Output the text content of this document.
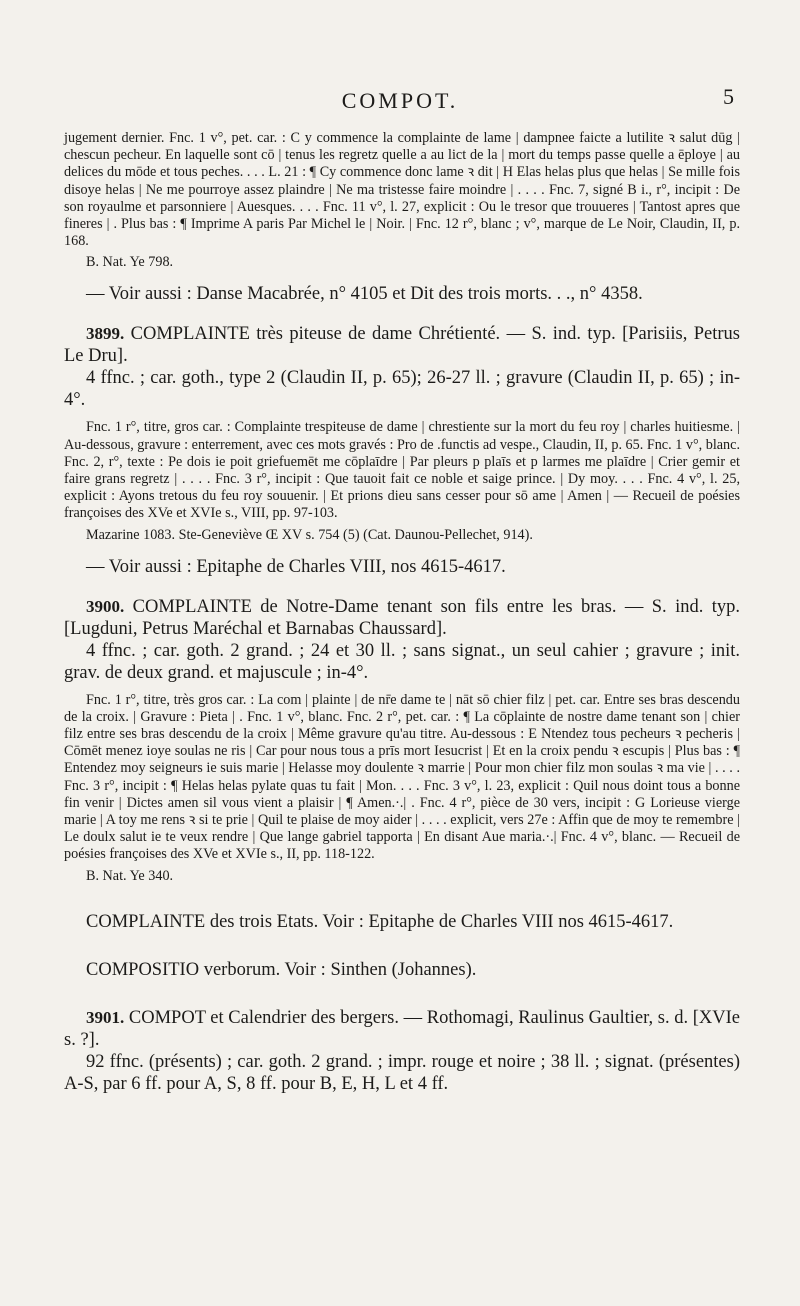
COMPOT.	5

jugement dernier. Fnc. 1 v°, pet. car. : C y commence la complainte de lame | dampnee faicte a lutilite ꝛ salut dūg | chescun pecheur. En laquelle sont cō | tenus les regretz quelle a au lict de la | mort du temps passe quelle a ēploye | au delices du mōde et tous peches. . . . L. 21 : ¶ Cy commence donc lame ꝛ dit | H Elas helas plus que helas | Se mille fois disoye helas | Ne me pourroye assez plaindre | Ne ma tristesse faire moindre | . . . . Fnc. 7, signé B i., r°, incipit : De son royaulme et parsonniere | Auesques. . . . Fnc. 11 v°, l. 27, explicit : Ou le tresor que trouueres | Tantost apres que fineres | . Plus bas : ¶ Imprime A paris Par Michel le | Noir. | Fnc. 12 r°, blanc ; v°, marque de Le Noir, Claudin, II, p. 168.

B. Nat. Ye 798.

— Voir aussi : Danse Macabrée, n° 4105 et Dit des trois morts. . ., n° 4358.

3899. COMPLAINTE très piteuse de dame Chrétienté. — S. ind. typ. [Parisiis, Petrus Le Dru].

4 ffnc. ; car. goth., type 2 (Claudin II, p. 65); 26-27 ll. ; gravure (Claudin II, p. 65) ; in-4°.

Fnc. 1 r°, titre, gros car. : Complainte trespiteuse de dame | chrestiente sur la mort du feu roy | charles huitiesme. | Au-dessous, gravure : enterrement, avec ces mots gravés : Pro de .functis ad vespe., Claudin, II, p. 65. Fnc. 1 v°, blanc. Fnc. 2, r°, texte : Pe dois ie poit griefuemēt me cōplaīdre | Par pleurs p plaīs et p larmes me plaīdre | Crier gemir et faire grans regretz | . . . . Fnc. 3 r°, incipit : Que tauoit fait ce noble et saige prince. | Dy moy. . . . Fnc. 4 v°, l. 25, explicit : Ayons tretous du feu roy souuenir. | Et prions dieu sans cesser pour sō ame | Amen | — Recueil de poésies françoises des XVe et XVIe s., VIII, pp. 97-103.

Mazarine 1083. Ste-Geneviève Œ XV s. 754 (5) (Cat. Daunou-Pellechet, 914).

— Voir aussi : Epitaphe de Charles VIII, nos 4615-4617.

3900. COMPLAINTE de Notre-Dame tenant son fils entre les bras. — S. ind. typ. [Lugduni, Petrus Maréchal et Barnabas Chaussard].

4 ffnc. ; car. goth. 2 grand. ; 24 et 30 ll. ; sans signat., un seul cahier ; gravure ; init. grav. de deux grand. et majuscule ; in-4°.

Fnc. 1 r°, titre, très gros car. : La com | plainte | de nr̄e dame te | nāt sō chier filz | pet. car. Entre ses bras descendu de la croix. | Gravure : Pieta | . Fnc. 1 v°, blanc. Fnc. 2 r°, pet. car. : ¶ La cōplainte de nostre dame tenant son | chier filz entre ses bras descendu de la croix | Même gravure qu'au titre. Au-dessous : E Ntendez tous pecheurs ꝛ pecheris | Cōmēt menez ioye soulas ne ris | Car pour nous tous a prīs mort Iesucrist | Et en la croix pendu ꝛ escupis | Plus bas : ¶ Entendez moy seigneurs ie suis marie | Helasse moy doulente ꝛ marrie | Pour mon chier filz mon soulas ꝛ ma vie | . . . . Fnc. 3 r°, incipit : ¶ Helas helas pylate quas tu fait | Mon. . . . Fnc. 3 v°, l. 23, explicit : Quil nous doint tous a bonne fin venir | Dictes amen sil vous vient a plaisir | ¶ Amen.·.| . Fnc. 4 r°, pièce de 30 vers, incipit : G Lorieuse vierge marie | A toy me rens ꝛ si te prie | Quil te plaise de moy aider | . . . . explicit, vers 27e : Affin que de moy te remembre | Le doulx salut ie te veux rendre | Que lange gabriel tapporta | En disant Aue maria.·.| Fnc. 4 v°, blanc. — Recueil de poésies françoises des XVe et XVIe s., II, pp. 118-122.

B. Nat. Ye 340.

COMPLAINTE des trois Etats. Voir : Epitaphe de Charles VIII nos 4615-4617.

COMPOSITIO verborum. Voir : Sinthen (Johannes).

3901. COMPOT et Calendrier des bergers. — Rothomagi, Raulinus Gaultier, s. d. [XVIe s. ?].

92 ffnc. (présents) ; car. goth. 2 grand. ; impr. rouge et noire ; 38 ll. ; signat. (présentes) A-S, par 6 ff. pour A, S, 8 ff. pour B, E, H, L et 4 ff.
